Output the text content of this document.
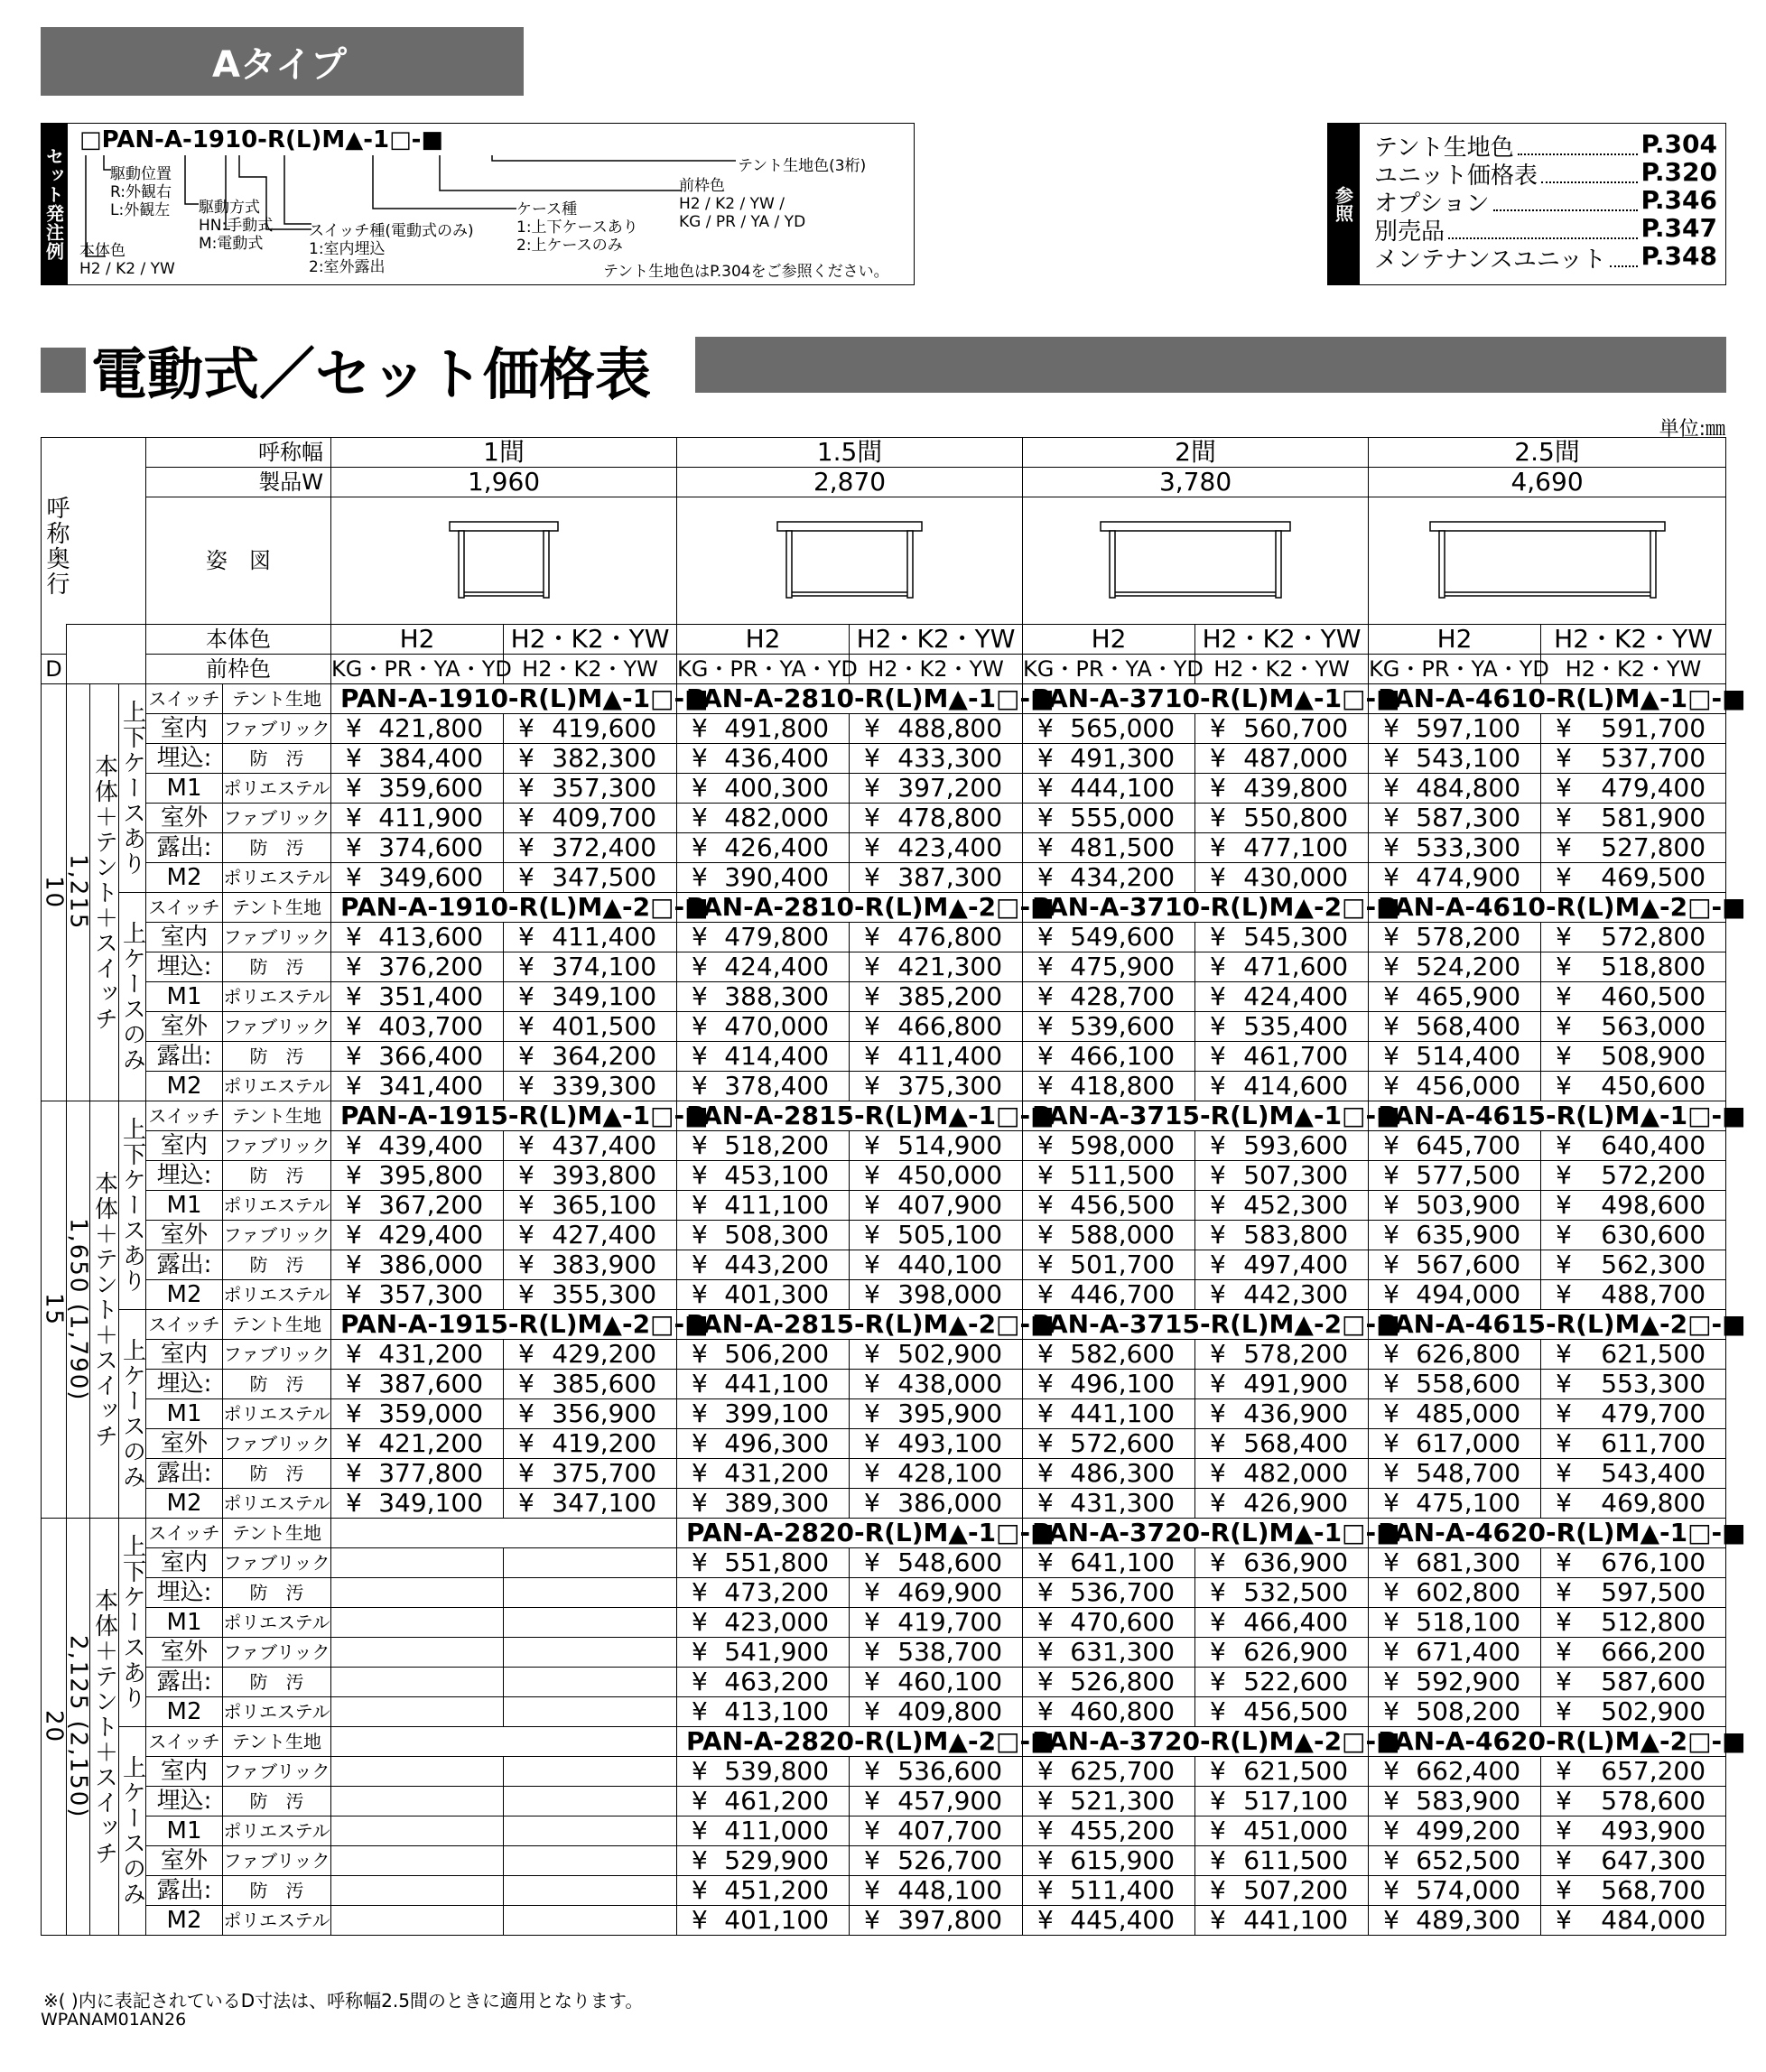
Aタイプ
セット発注例
□PAN-A-1910-R(L)M▲-1□-■
駆動位置
R:外観右
L:外観左 駆動方式
HN:手動式
M:電動式
本体色
H2 / K2 / YW
スイッチ種(電動式のみ)
1:室内埋込
2:室外露出
ケース種
1:上下ケースあり
2:上ケースのみ
前枠色
H2 / K2 / YW /
KG / PR / YA / YD
テント生地色(3桁)
テント生地色はP.304をご参照ください。
参照
テント生地色	P.304
ユニット価格表	P.320
オプション	P.346
別売品	P.347
メンテナンスユニット P.348
電動式／セット価格表
単位:㎜
呼称奥行				呼称幅		1間		1.5間		2間		2.5間	
				製品W		1,960		2,870		3,780		4,690	
				姿　図	

				本体色		H2	H2・K2・YW	H2	H2・K2・YW	H2	H2・K2・YW	H2	H2・K2・YW
D				前枠色		KG・PR・YA・YD	H2・K2・YW	KG・PR・YA・YD	H2・K2・YW	KG・PR・YA・YD	H2・K2・YW	KG・PR・YA・YD	H2・K2・YW
10	1,215	本体＋テント＋スイッチ	上下ケースあり	スイッチ	テント生地	PAN-A-1910-R(L)M▲-1□-■		PAN-A-2810-R(L)M▲-1□-■		PAN-A-3710-R(L)M▲-1□-■		PAN-A-4610-R(L)M▲-1□-■	
				室内	ファブリック	¥ 421,800	¥ 419,600	¥ 491,800	¥ 488,800	¥ 565,000	¥ 560,700	¥ 597,100	¥ 591,700

				埋込:	防　汚	¥ 384,400	¥ 382,300	¥ 436,400	¥ 433,300	¥ 491,300	¥ 487,000	¥ 543,100	¥ 537,700

				M1	ポリエステル	¥ 359,600	¥ 357,300	¥ 400,300	¥ 397,200	¥ 444,100	¥ 439,800	¥ 484,800	¥ 479,400

				室外	ファブリック	¥ 411,900	¥ 409,700	¥ 482,000	¥ 478,800	¥ 555,000	¥ 550,800	¥ 587,300	¥ 581,900

				露出:	防　汚	¥ 374,600	¥ 372,400	¥ 426,400	¥ 423,400	¥ 481,500	¥ 477,100	¥ 533,300	¥ 527,800

				M2	ポリエステル	¥ 349,600	¥ 347,500	¥ 390,400	¥ 387,300	¥ 434,200	¥ 430,000	¥ 474,900	¥ 469,500

			上ケースのみ	スイッチ	テント生地	PAN-A-1910-R(L)M▲-2□-■		PAN-A-2810-R(L)M▲-2□-■		PAN-A-3710-R(L)M▲-2□-■		PAN-A-4610-R(L)M▲-2□-■	
				室内	ファブリック	¥ 413,600	¥ 411,400	¥ 479,800	¥ 476,800	¥ 549,600	¥ 545,300	¥ 578,200	¥ 572,800

				埋込:	防　汚	¥ 376,200	¥ 374,100	¥ 424,400	¥ 421,300	¥ 475,900	¥ 471,600	¥ 524,200	¥ 518,800

				M1	ポリエステル	¥ 351,400	¥ 349,100	¥ 388,300	¥ 385,200	¥ 428,700	¥ 424,400	¥ 465,900	¥ 460,500

				室外	ファブリック	¥ 403,700	¥ 401,500	¥ 470,000	¥ 466,800	¥ 539,600	¥ 535,400	¥ 568,400	¥ 563,000

				露出:	防　汚	¥ 366,400	¥ 364,200	¥ 414,400	¥ 411,400	¥ 466,100	¥ 461,700	¥ 514,400	¥ 508,900

				M2	ポリエステル	¥ 341,400	¥ 339,300	¥ 378,400	¥ 375,300	¥ 418,800	¥ 414,600	¥ 456,000	¥ 450,600

15	1,650 (1,790)	本体＋テント＋スイッチ	上下ケースあり	スイッチ	テント生地	PAN-A-1915-R(L)M▲-1□-■		PAN-A-2815-R(L)M▲-1□-■		PAN-A-3715-R(L)M▲-1□-■		PAN-A-4615-R(L)M▲-1□-■	
				室内	ファブリック	¥ 439,400	¥ 437,400	¥ 518,200	¥ 514,900	¥ 598,000	¥ 593,600	¥ 645,700	¥ 640,400

				埋込:	防　汚	¥ 395,800	¥ 393,800	¥ 453,100	¥ 450,000	¥ 511,500	¥ 507,300	¥ 577,500	¥ 572,200

				M1	ポリエステル	¥ 367,200	¥ 365,100	¥ 411,100	¥ 407,900	¥ 456,500	¥ 452,300	¥ 503,900	¥ 498,600

				室外	ファブリック	¥ 429,400	¥ 427,400	¥ 508,300	¥ 505,100	¥ 588,000	¥ 583,800	¥ 635,900	¥ 630,600

				露出:	防　汚	¥ 386,000	¥ 383,900	¥ 443,200	¥ 440,100	¥ 501,700	¥ 497,400	¥ 567,600	¥ 562,300

				M2	ポリエステル	¥ 357,300	¥ 355,300	¥ 401,300	¥ 398,000	¥ 446,700	¥ 442,300	¥ 494,000	¥ 488,700

			上ケースのみ	スイッチ	テント生地	PAN-A-1915-R(L)M▲-2□-■		PAN-A-2815-R(L)M▲-2□-■		PAN-A-3715-R(L)M▲-2□-■		PAN-A-4615-R(L)M▲-2□-■	
				室内	ファブリック	¥ 431,200	¥ 429,200	¥ 506,200	¥ 502,900	¥ 582,600	¥ 578,200	¥ 626,800	¥ 621,500

				埋込:	防　汚	¥ 387,600	¥ 385,600	¥ 441,100	¥ 438,000	¥ 496,100	¥ 491,900	¥ 558,600	¥ 553,300

				M1	ポリエステル	¥ 359,000	¥ 356,900	¥ 399,100	¥ 395,900	¥ 441,100	¥ 436,900	¥ 485,000	¥ 479,700

				室外	ファブリック	¥ 421,200	¥ 419,200	¥ 496,300	¥ 493,100	¥ 572,600	¥ 568,400	¥ 617,000	¥ 611,700

				露出:	防　汚	¥ 377,800	¥ 375,700	¥ 431,200	¥ 428,100	¥ 486,300	¥ 482,000	¥ 548,700	¥ 543,400

				M2	ポリエステル	¥ 349,100	¥ 347,100	¥ 389,300	¥ 386,000	¥ 431,300	¥ 426,900	¥ 475,100	¥ 469,800

20	2,125 (2,150)	本体＋テント＋スイッチ	上下ケースあり	スイッチ	テント生地			PAN-A-2820-R(L)M▲-1□-■		PAN-A-3720-R(L)M▲-1□-■		PAN-A-4620-R(L)M▲-1□-■	
				室内	ファブリック			¥ 551,800	¥ 548,600	¥ 641,100	¥ 636,900	¥ 681,300	¥ 676,100

				埋込:	防　汚			¥ 473,200	¥ 469,900	¥ 536,700	¥ 532,500	¥ 602,800	¥ 597,500

				M1	ポリエステル			¥ 423,000	¥ 419,700	¥ 470,600	¥ 466,400	¥ 518,100	¥ 512,800

				室外	ファブリック			¥ 541,900	¥ 538,700	¥ 631,300	¥ 626,900	¥ 671,400	¥ 666,200

				露出:	防　汚			¥ 463,200	¥ 460,100	¥ 526,800	¥ 522,600	¥ 592,900	¥ 587,600

				M2	ポリエステル			¥ 413,100	¥ 409,800	¥ 460,800	¥ 456,500	¥ 508,200	¥ 502,900

			上ケースのみ	スイッチ	テント生地			PAN-A-2820-R(L)M▲-2□-■		PAN-A-3720-R(L)M▲-2□-■		PAN-A-4620-R(L)M▲-2□-■	
				室内	ファブリック			¥ 539,800	¥ 536,600	¥ 625,700	¥ 621,500	¥ 662,400	¥ 657,200

				埋込:	防　汚			¥ 461,200	¥ 457,900	¥ 521,300	¥ 517,100	¥ 583,900	¥ 578,600

				M1	ポリエステル			¥ 411,000	¥ 407,700	¥ 455,200	¥ 451,000	¥ 499,200	¥ 493,900

				室外	ファブリック			¥ 529,900	¥ 526,700	¥ 615,900	¥ 611,500	¥ 652,500	¥ 647,300

				露出:	防　汚			¥ 451,200	¥ 448,100	¥ 511,400	¥ 507,200	¥ 574,000	¥ 568,700

				M2	ポリエステル			¥ 401,100	¥ 397,800	¥ 445,400	¥ 441,100	¥ 489,300	¥ 484,000
※( )内に表記されているD寸法は、呼称幅2.5間のときに適用となります。
WPANAM01AN26
